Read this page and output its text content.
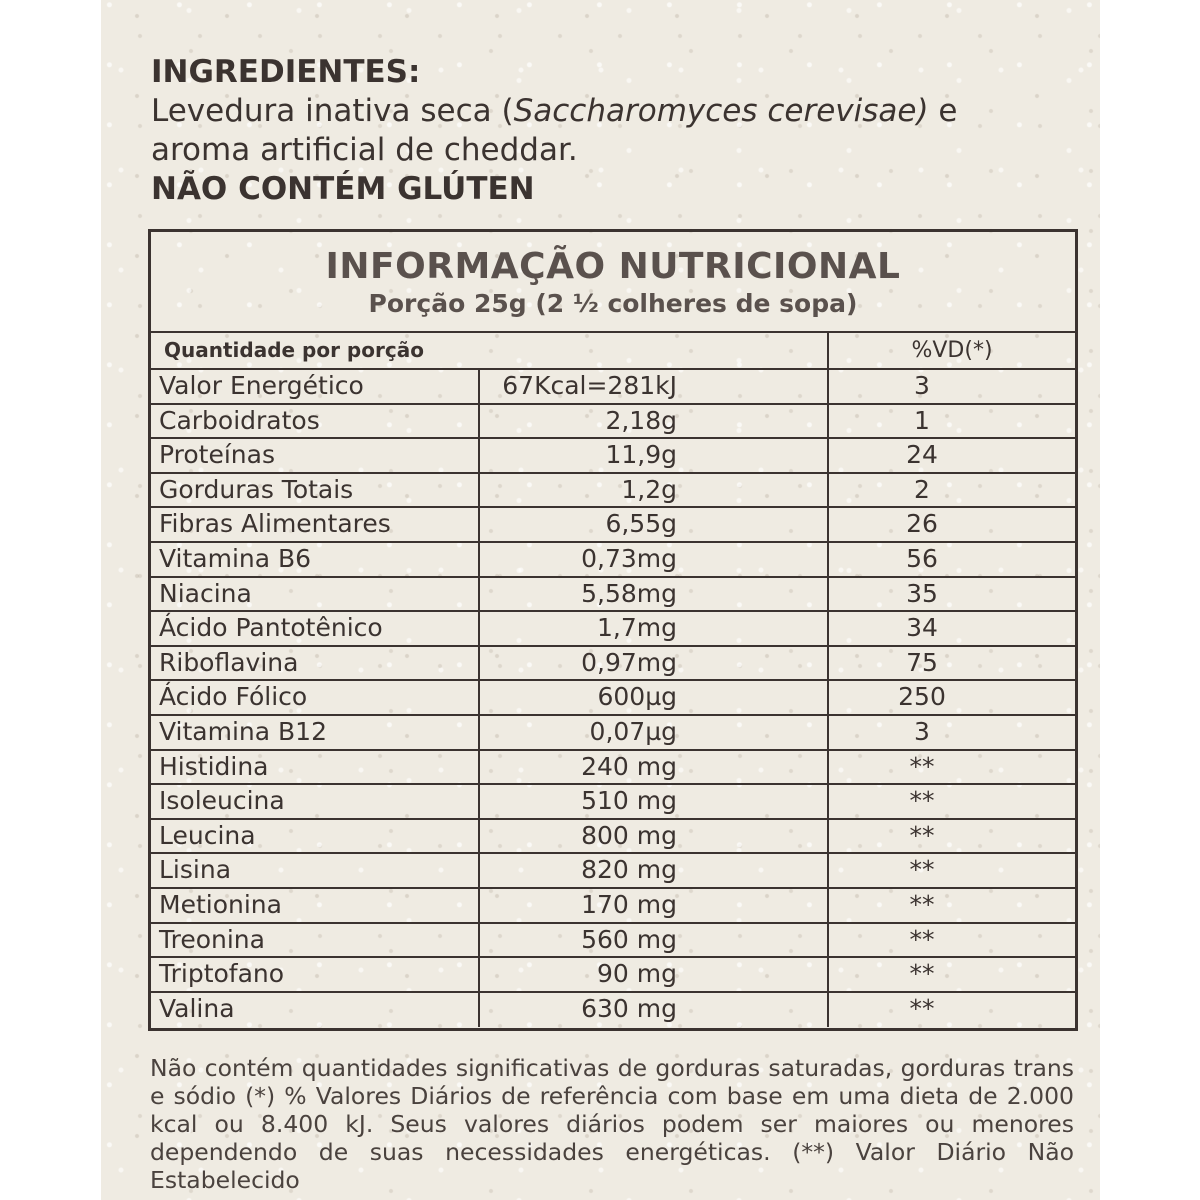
INGREDIENTES:
Levedura inativa seca (Saccharomyces cerevisae) e aroma artificial de cheddar.
NÃO CONTÉM GLÚTEN
INFORMAÇÃO NUTRICIONAL
Porção 25g (2 ½ colheres de sopa)
Quantidade por porção	%VD(*)
Valor Energético	67Kcal=281kJ	3
Carboidratos	2,18g	1
Proteínas	11,9g	24
Gorduras Totais	1,2g	2
Fibras Alimentares	6,55g	26
Vitamina B6	0,73mg	56
Niacina	5,58mg	35
Ácido Pantotênico	1,7mg	34
Riboflavina	0,97mg	75
Ácido Fólico	600µg	250
Vitamina B12	0,07µg	3
Histidina	240 mg	**
Isoleucina	510 mg	**
Leucina	800 mg	**
Lisina	820 mg	**
Metionina	170 mg	**
Treonina	560 mg	**
Triptofano	90 mg	**
Valina	630 mg	**
Não contém quantidades significativas de gorduras saturadas, gorduras trans e sódio (*) % Valores Diários de referência com base em uma dieta de 2.000 kcal ou 8.400 kJ. Seus valores diários podem ser maiores ou menores dependendo de suas necessidades energéticas. (**) Valor Diário Não Estabelecido
